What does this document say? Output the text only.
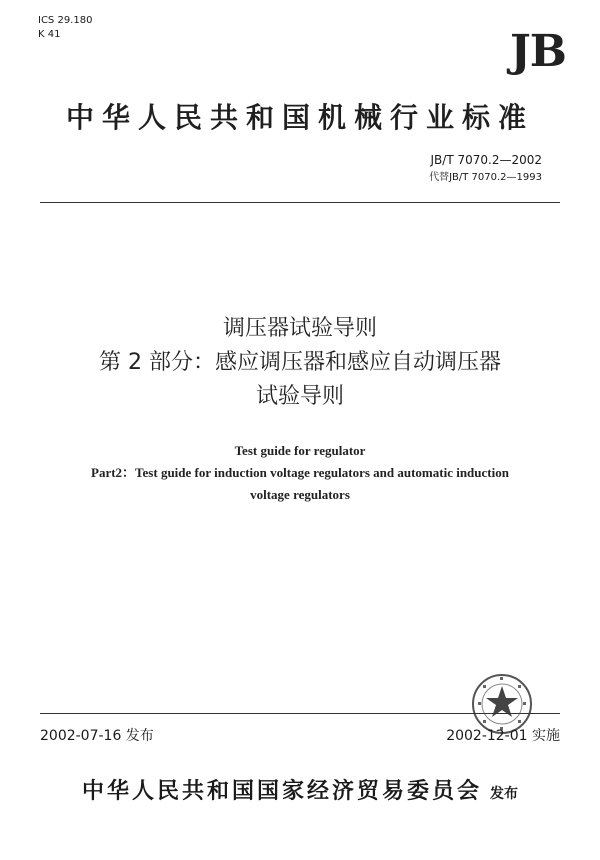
ICS 29.180
K 41	JB
中华人民共和国机械行业标准
JB/T 7070.2—2002
代替JB/T 7070.2—1993
调压器试验导则
第 2 部分：感应调压器和感应自动调压器
试验导则
Test guide for regulator
Part2：Test guide for induction voltage regulators and automatic induction
voltage regulators
2002-07-16 发布	2002-12-01 实施
中华人民共和国国家经济贸易委员会 发布
